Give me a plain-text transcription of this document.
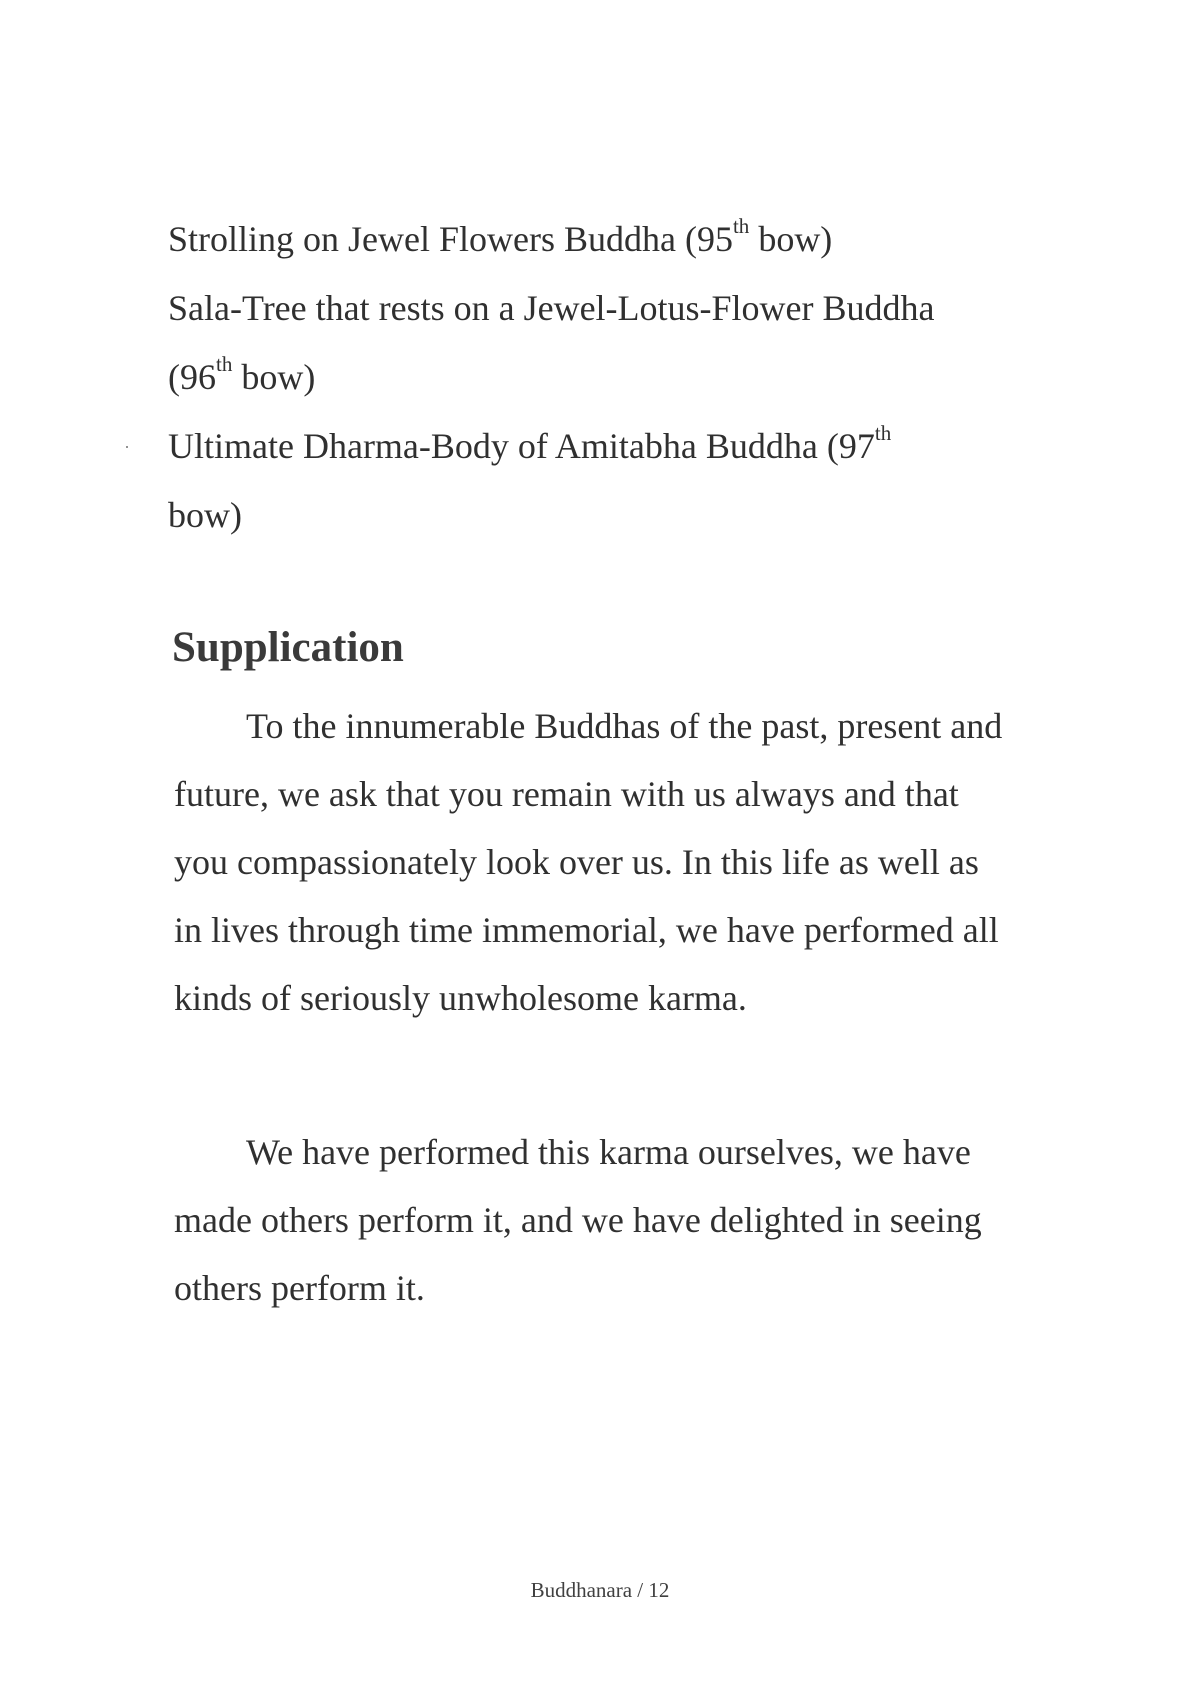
Strolling on Jewel Flowers Buddha (95th bow)
Sala-Tree that rests on a Jewel-Lotus-Flower Buddha
(96th bow)
Ultimate Dharma-Body of Amitabha Buddha (97th
bow)
Supplication

To the innumerable Buddhas of the past, present and future, we ask that you remain with us always and that you compassionately look over us. In this life as well as in lives through time immemorial, we have performed all kinds of seriously unwholesome karma.

We have performed this karma ourselves, we have made others perform it, and we have delighted in seeing others perform it.

Buddhanara / 12
